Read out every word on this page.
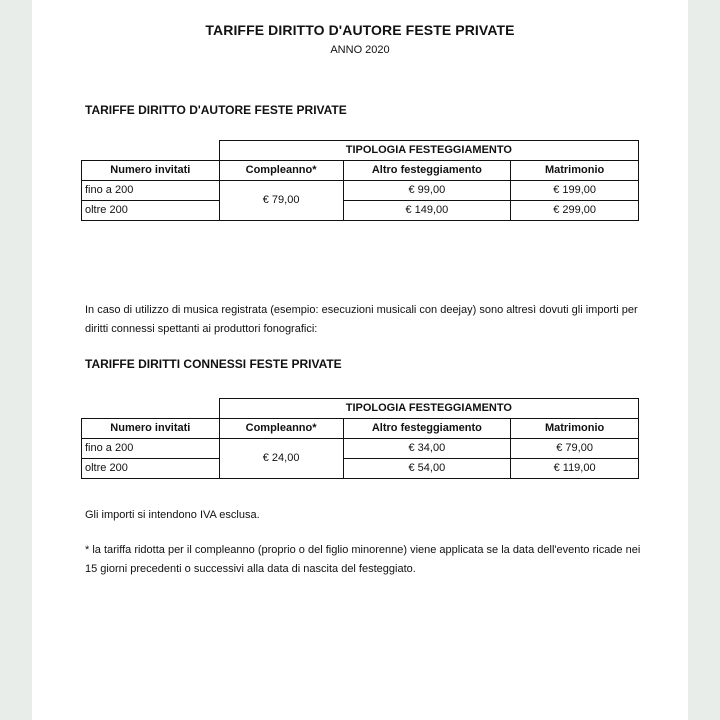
TARIFFE DIRITTO D'AUTORE FESTE PRIVATE
ANNO 2020
TARIFFE DIRITTO D'AUTORE FESTE PRIVATE
	TIPOLOGIA FESTEGGIAMENTO		
Numero invitati	Compleanno*	Altro festeggiamento	Matrimonio
fino a 200	€ 79,00	€ 99,00	€ 199,00
oltre 200		€ 149,00	€ 299,00
In caso di utilizzo di musica registrata (esempio: esecuzioni musicali con deejay) sono altresì dovuti gli importi per diritti connessi spettanti ai produttori fonografici:
TARIFFE DIRITTI CONNESSI FESTE PRIVATE
	TIPOLOGIA FESTEGGIAMENTO		
Numero invitati	Compleanno*	Altro festeggiamento	Matrimonio
fino a 200	€ 24,00	€ 34,00	€ 79,00
oltre 200		€ 54,00	€ 119,00
Gli importi si intendono IVA esclusa.
* la tariffa ridotta per il compleanno (proprio o del figlio minorenne) viene applicata se la data dell'evento ricade nei 15 giorni precedenti o successivi alla data di nascita del festeggiato.
